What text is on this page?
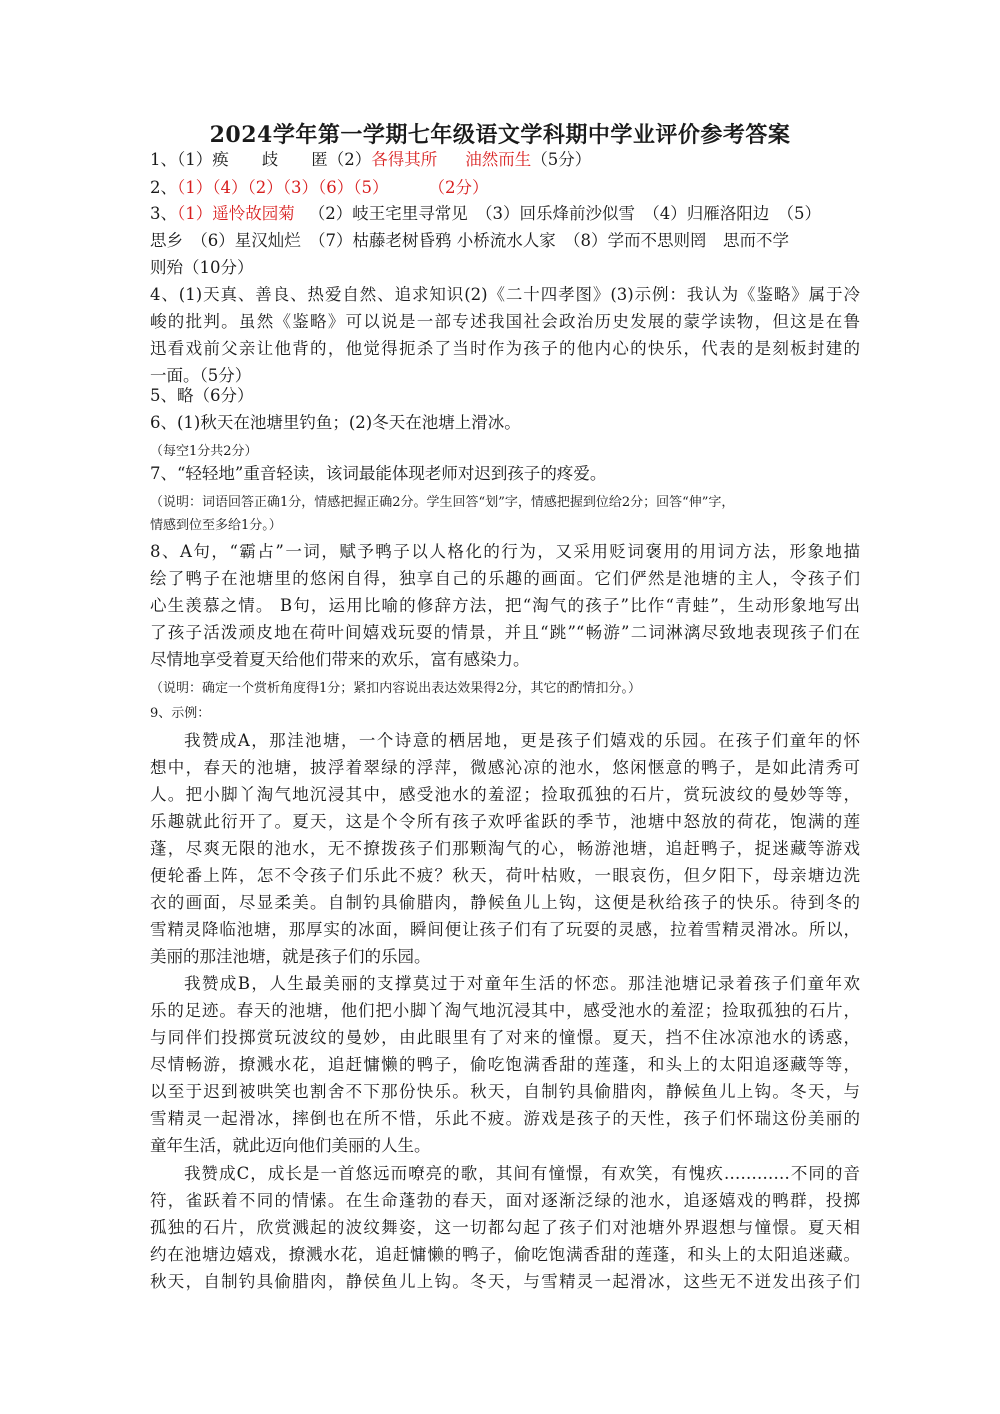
2024学年第一学期七年级语文学科期中学业评价参考答案
1、（1）痪　　歧　　匿（2）各得其所 油然而生（5分）
2、（1）（4）（2）（3）（6）（5） （2分）
3、（1）遥怜故园菊 （2）岐王宅里寻常见　（3）回乐烽前沙似雪　（4）归雁洛阳边　（5）
思乡　（6）星汉灿烂　（7）枯藤老树昏鸦 小桥流水人家　（8）学而不思则罔　思而不学
则殆（10分）
4、(1)天真、善良、热爱自然、追求知识(2)《二十四孝图》(3)示例：我认为《鉴略》属于冷
峻的批判。虽然《鉴略》可以说是一部专述我国社会政治历史发展的蒙学读物，但这是在鲁
迅看戏前父亲让他背的，他觉得扼杀了当时作为孩子的他内心的快乐，代表的是刻板封建的
一面。（5分）
5、略（6分）
6、(1)秋天在池塘里钓鱼；(2)冬天在池塘上滑冰。
（每空1分共2分）
7、“轻轻地”重音轻读，该词最能体现老师对迟到孩子的疼爱。
（说明：词语回答正确1分，情感把握正确2分。学生回答“划”字，情感把握到位给2分；回答“伸”字，
情感到位至多给1分。）
8、A句，“霸占”一词，赋予鸭子以人格化的行为，又采用贬词褒用的用词方法，形象地描
绘了鸭子在池塘里的悠闲自得，独享自己的乐趣的画面。它们俨然是池塘的主人，令孩子们
心生羡慕之情。 B句，运用比喻的修辞方法，把“淘气的孩子”比作“青蛙”，生动形象地写出
了孩子活泼顽皮地在荷叶间嬉戏玩耍的情景，并且“跳”“畅游”二词淋漓尽致地表现孩子们在
尽情地享受着夏天给他们带来的欢乐，富有感染力。
（说明：确定一个赏析角度得1分；紧扣内容说出表达效果得2分，其它的酌情扣分。）
9、示例：
我赞成A，那洼池塘，一个诗意的栖居地，更是孩子们嬉戏的乐园。在孩子们童年的怀
想中，春天的池塘，披浮着翠绿的浮萍，微感沁凉的池水，悠闲惬意的鸭子，是如此清秀可
人。把小脚丫淘气地沉浸其中，感受池水的羞涩；捡取孤独的石片，赏玩波纹的曼妙等等，
乐趣就此衍开了。夏天，这是个令所有孩子欢呼雀跃的季节，池塘中怒放的荷花，饱满的莲
蓬，尽爽无限的池水，无不撩拨孩子们那颗淘气的心，畅游池塘，追赶鸭子，捉迷藏等游戏
便轮番上阵，怎不令孩子们乐此不疲？秋天，荷叶枯败，一眼哀伤，但夕阳下，母亲塘边洗
衣的画面，尽显柔美。自制钓具偷腊肉，静候鱼儿上钩，这便是秋给孩子的快乐。待到冬的
雪精灵降临池塘，那厚实的冰面，瞬间便让孩子们有了玩耍的灵感，拉着雪精灵滑冰。所以，
美丽的那洼池塘，就是孩子们的乐园。
我赞成B，人生最美丽的支撑莫过于对童年生活的怀恋。那洼池塘记录着孩子们童年欢
乐的足迹。春天的池塘，他们把小脚丫淘气地沉浸其中，感受池水的羞涩；捡取孤独的石片，
与同伴们投掷赏玩波纹的曼妙，由此眼里有了对来的憧憬。夏天，挡不住冰凉池水的诱惑，
尽情畅游，撩溅水花，追赶慵懒的鸭子，偷吃饱满香甜的莲蓬，和头上的太阳追逐藏等等，
以至于迟到被哄笑也割舍不下那份快乐。秋天，自制钓具偷腊肉，静候鱼儿上钩。冬天，与
雪精灵一起滑冰，摔倒也在所不惜，乐此不疲。游戏是孩子的天性，孩子们怀瑞这份美丽的
童年生活，就此迈向他们美丽的人生。
我赞成C，成长是一首悠远而嘹亮的歌，其间有憧憬，有欢笑，有愧疚…………不同的音
符，雀跃着不同的情愫。在生命蓬勃的春天，面对逐渐泛绿的池水，追逐嬉戏的鸭群，投掷
孤独的石片，欣赏溅起的波纹舞姿，这一切都勾起了孩子们对池塘外界遐想与憧憬。夏天相
约在池塘边嬉戏，撩溅水花，追赶慵懒的鸭子，偷吃饱满香甜的莲蓬，和头上的太阳追迷藏。
秋天，自制钓具偷腊肉，静侯鱼儿上钩。冬天，与雪精灵一起滑冰，这些无不迸发出孩子们
